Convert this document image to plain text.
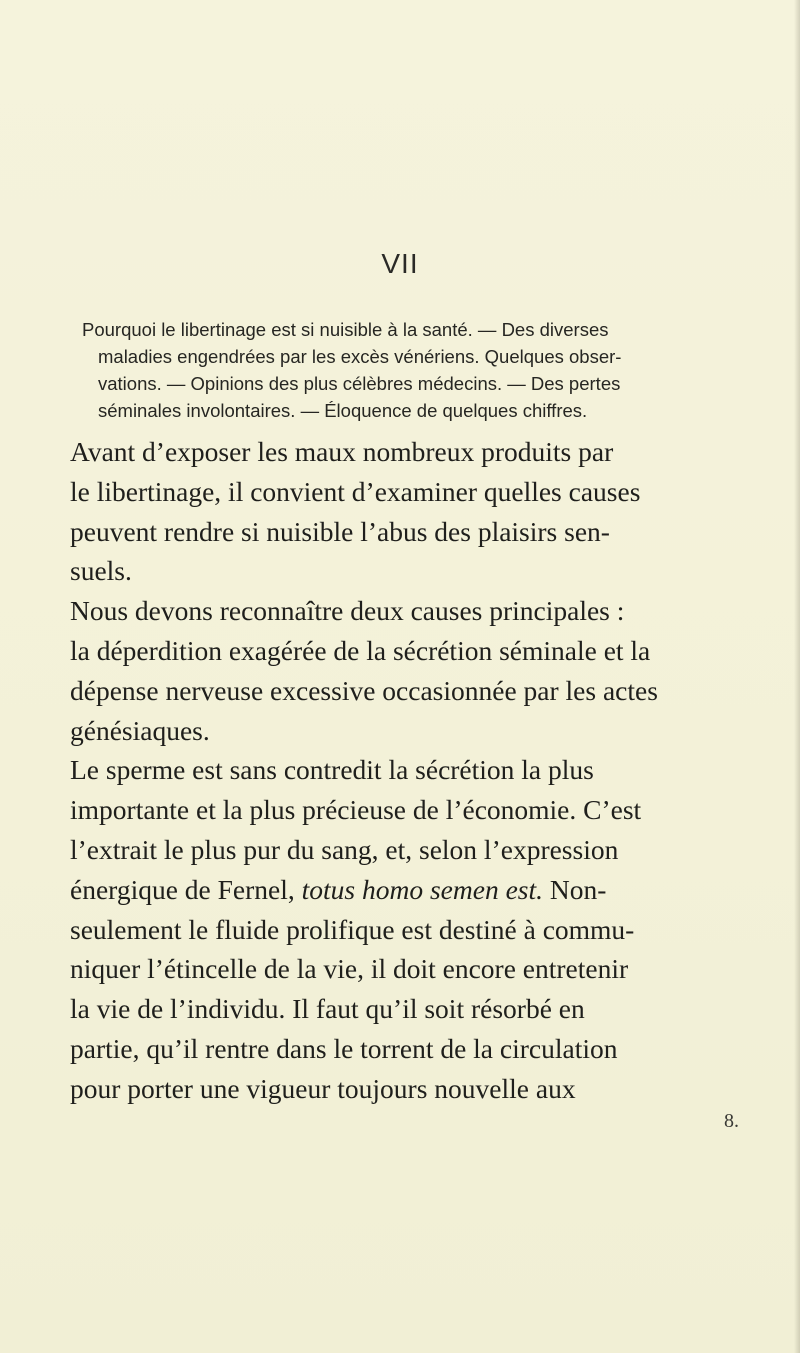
VII
Pourquoi le libertinage est si nuisible à la santé. — Des diverses
maladies engendrées par les excès vénériens. Quelques obser-
vations. — Opinions des plus célèbres médecins. — Des pertes
séminales involontaires. — Éloquence de quelques chiffres.
Avant d’exposer les maux nombreux produits par
le libertinage, il convient d’examiner quelles causes
peuvent rendre si nuisible l’abus des plaisirs sen-
suels.
Nous devons reconnaître deux causes principales :
la déperdition exagérée de la sécrétion séminale et la
dépense nerveuse excessive occasionnée par les actes
génésiaques.
Le sperme est sans contredit la sécrétion la plus
importante et la plus précieuse de l’économie. C’est
l’extrait le plus pur du sang, et, selon l’expression
énergique de Fernel, totus homo semen est. Non-
seulement le fluide prolifique est destiné à commu-
niquer l’étincelle de la vie, il doit encore entretenir
la vie de l’individu. Il faut qu’il soit résorbé en
partie, qu’il rentre dans le torrent de la circulation
pour porter une vigueur toujours nouvelle aux
8.
